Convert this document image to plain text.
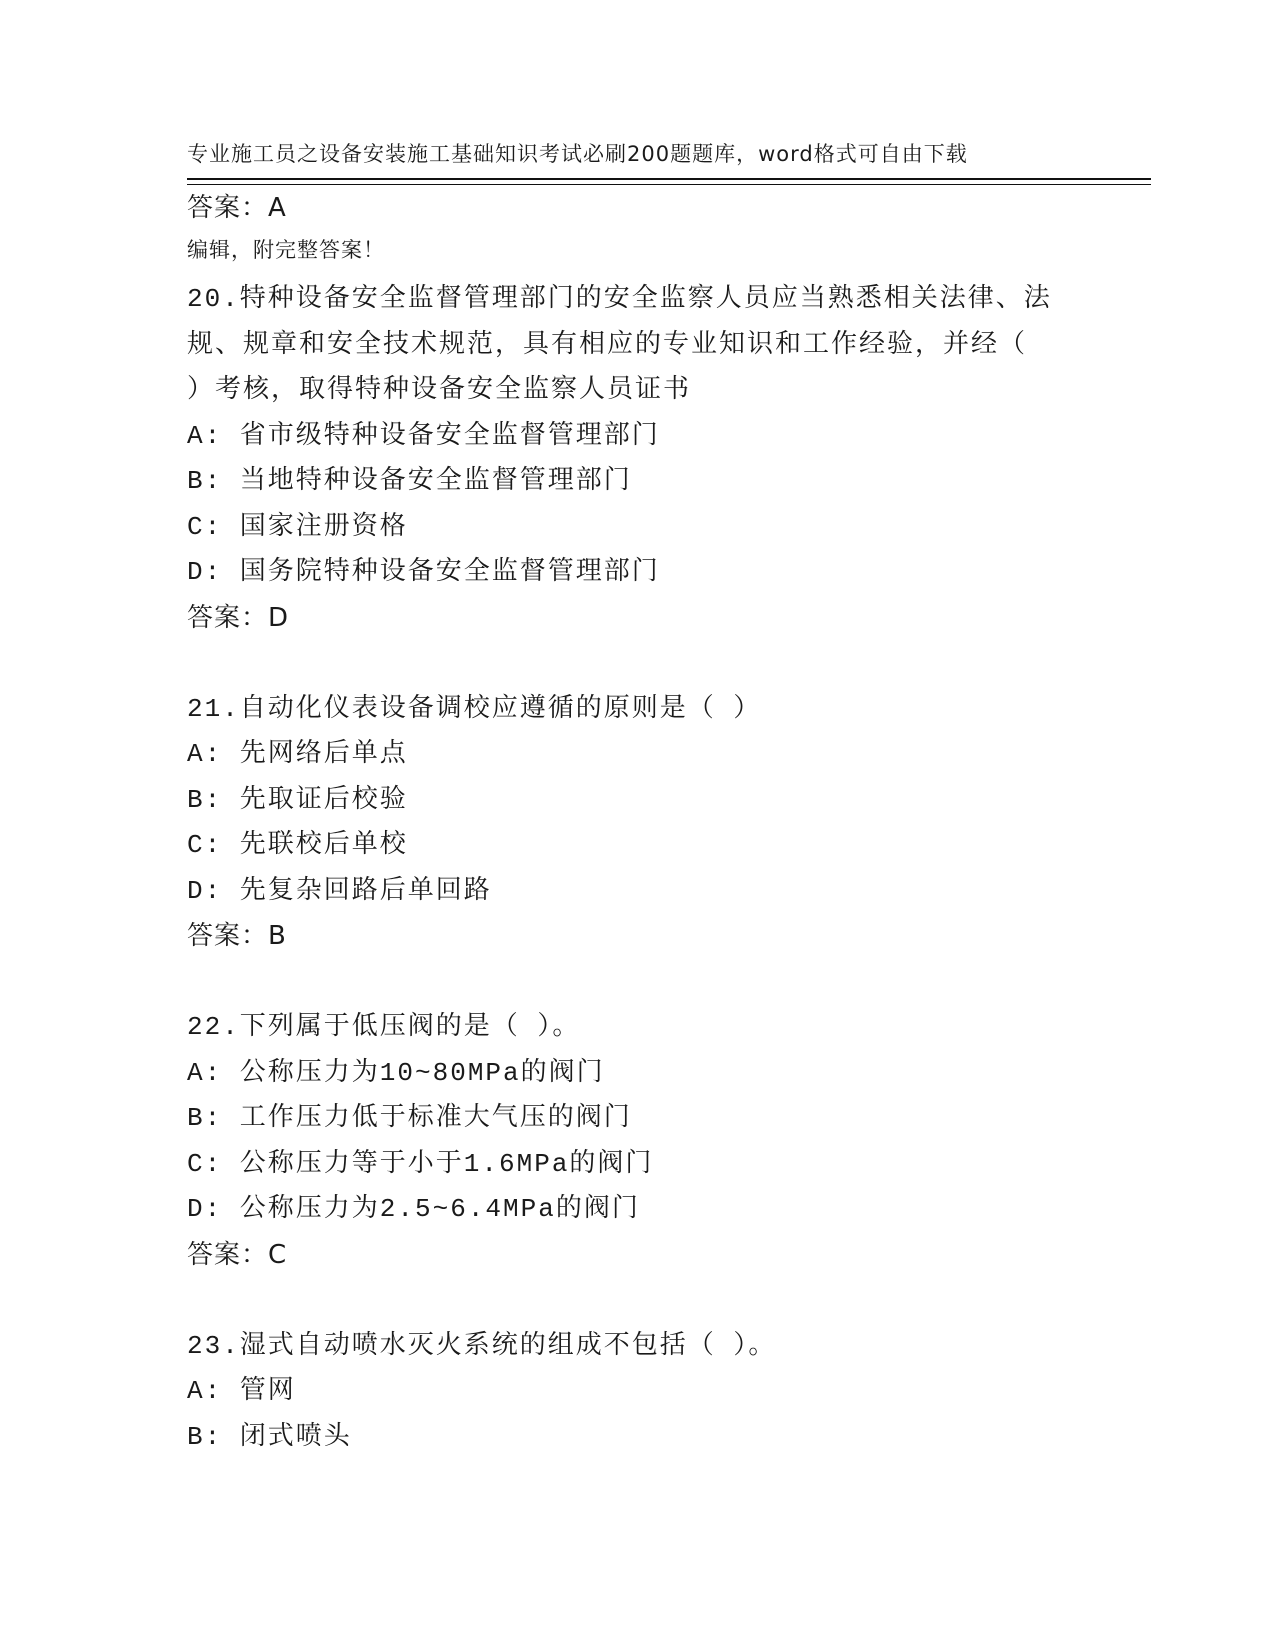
专业施工员之设备安装施工基础知识考试必刷200题题库，word格式可自由下载

编辑，附完整答案！

答案：A
20.特种设备安全监督管理部门的安全监察人员应当熟悉相关法律、法
规、规章和安全技术规范，具有相应的专业知识和工作经验，并经（
）考核，取得特种设备安全监察人员证书
A: 省市级特种设备安全监督管理部门
B: 当地特种设备安全监督管理部门
C: 国家注册资格
D: 国务院特种设备安全监督管理部门
答案：D
21.自动化仪表设备调校应遵循的原则是（ ）
A: 先网络后单点
B: 先取证后校验
C: 先联校后单校
D: 先复杂回路后单回路
答案：B
22.下列属于低压阀的是（ ）。
A: 公称压力为10~80MPa的阀门
B: 工作压力低于标准大气压的阀门
C: 公称压力等于小于1.6MPa的阀门
D: 公称压力为2.5~6.4MPa的阀门
答案：C
23.湿式自动喷水灭火系统的组成不包括（ ）。
A: 管网
B: 闭式喷头
